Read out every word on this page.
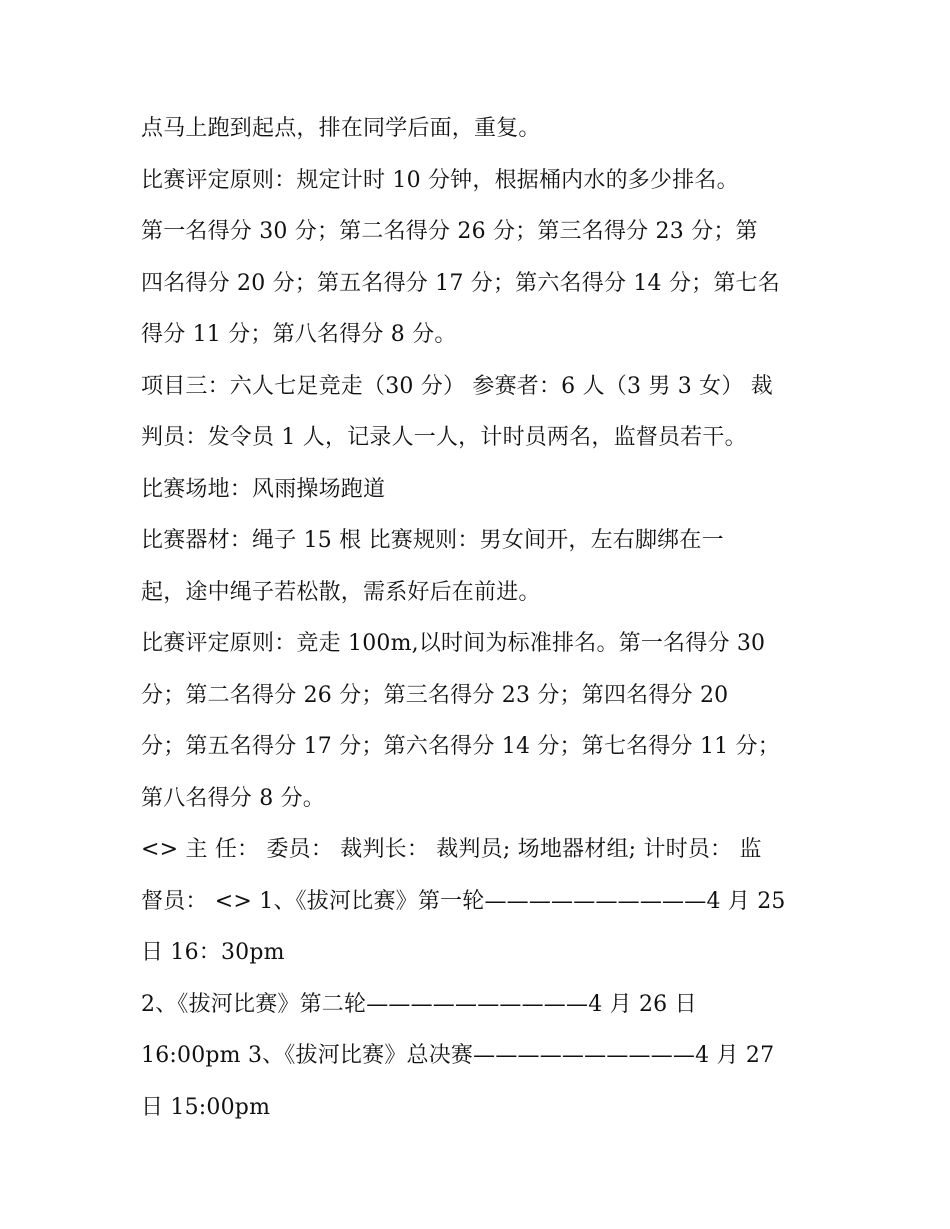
点马上跑到起点，排在同学后面，重复。
比赛评定原则：规定计时 10 分钟，根据桶内水的多少排名。
第一名得分 30 分；第二名得分 26 分；第三名得分 23 分；第
四名得分 20 分；第五名得分 17 分；第六名得分 14 分；第七名
得分 11 分；第八名得分 8 分。
项目三：六人七足竞走（30 分） 参赛者：6 人（3 男 3 女） 裁
判员：发令员 1 人，记录人一人，计时员两名，监督员若干。
比赛场地：风雨操场跑道
比赛器材：绳子 15 根 比赛规则：男女间开，左右脚绑在一
起，途中绳子若松散，需系好后在前进。
比赛评定原则：竞走 100m,以时间为标准排名。第一名得分 30
分；第二名得分 26 分；第三名得分 23 分；第四名得分 20
分；第五名得分 17 分；第六名得分 14 分；第七名得分 11 分；
第八名得分 8 分。
<> 主 任： 委员： 裁判长： 裁判员; 场地器材组; 计时员： 监
督员： <> 1、《拔河比赛》第一轮——————————4 月 25
日 16：30pm
2、《拔河比赛》第二轮——————————4 月 26 日
16:00pm 3、《拔河比赛》总决赛——————————4 月 27
日 15:00pm
